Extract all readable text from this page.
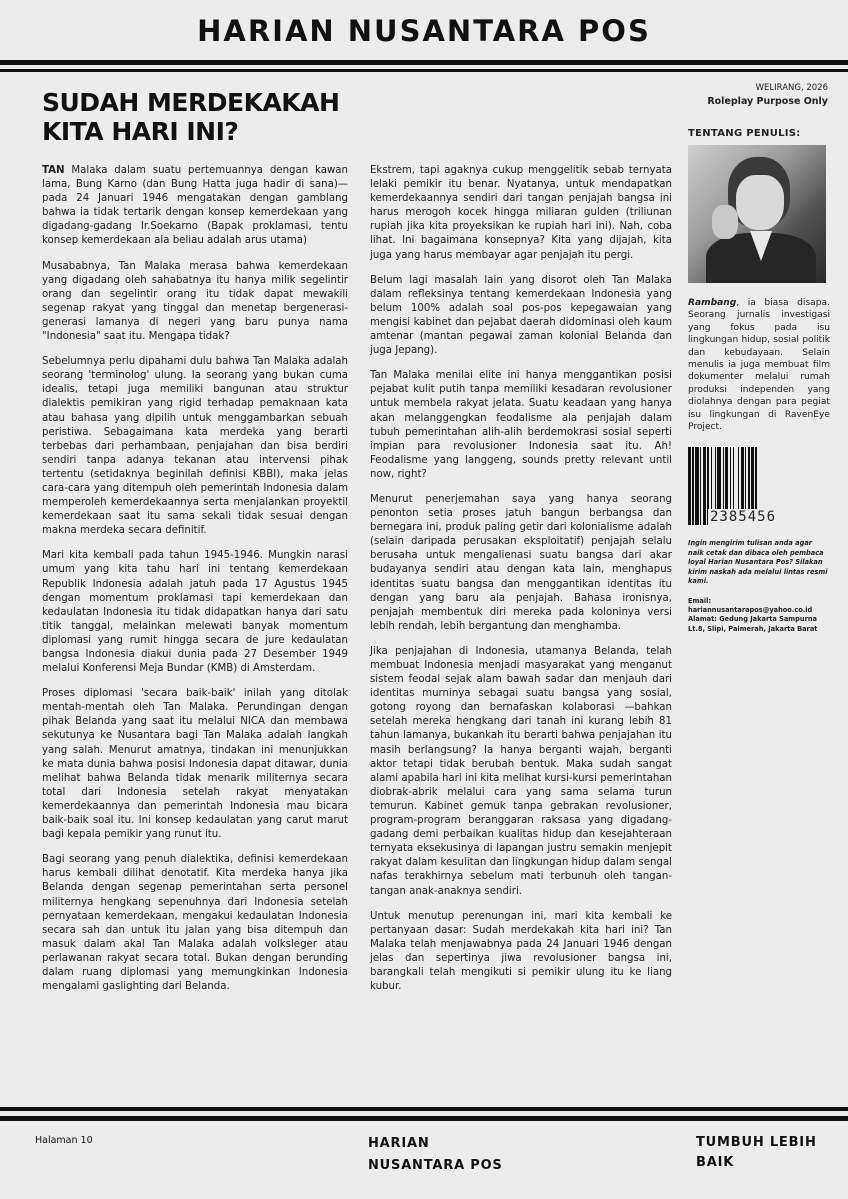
HARIAN NUSANTARA POS
SUDAH MERDEKAKAH
KITA HARI INI?
WELIRANG, 2026
Roleplay Purpose Only

TAN Malaka dalam suatu pertemuannya dengan kawan lama, Bung Karno (dan Bung Hatta juga hadir di sana)—pada 24 Januari 1946 mengatakan dengan gamblang bahwa ia tidak tertarik dengan konsep kemerdekaan yang digadang-gadang Ir.Soekarno (Bapak proklamasi, tentu konsep kemerdekaan ala beliau adalah arus utama)

Musababnya, Tan Malaka merasa bahwa kemerdekaan yang digadang oleh sahabatnya itu hanya milik segelintir orang dan segelintir orang itu tidak dapat mewakili segenap rakyat yang tinggal dan menetap bergenerasi-generasi lamanya di negeri yang baru punya nama "Indonesia" saat itu. Mengapa tidak?

Sebelumnya perlu dipahami dulu bahwa Tan Malaka adalah seorang 'terminolog' ulung. Ia seorang yang bukan cuma idealis, tetapi juga memiliki bangunan atau struktur dialektis pemikiran yang rigid terhadap pemaknaan kata atau bahasa yang dipilih untuk menggambarkan sebuah peristiwa. Sebagaimana kata merdeka yang berarti terbebas dari perhambaan, penjajahan dan bisa berdiri sendiri tanpa adanya tekanan atau intervensi pihak tertentu (setidaknya beginilah definisi KBBI), maka jelas cara-cara yang ditempuh oleh pemerintah Indonesia dalam memperoleh kemerdekaannya serta menjalankan proyektil kemerdekaan saat itu sama sekali tidak sesuai dengan makna merdeka secara definitif.

Mari kita kembali pada tahun 1945-1946. Mungkin narasi umum yang kita tahu hari ini tentang kemerdekaan Republik Indonesia adalah jatuh pada 17 Agustus 1945 dengan momentum proklamasi tapi kemerdekaan dan kedaulatan Indonesia itu tidak didapatkan hanya dari satu titik tanggal, melainkan melewati banyak momentum diplomasi yang rumit hingga secara de jure kedaulatan bangsa Indonesia diakui dunia pada 27 Desember 1949 melalui Konferensi Meja Bundar (KMB) di Amsterdam.

Proses diplomasi 'secara baik-baik' inilah yang ditolak mentah-mentah oleh Tan Malaka. Perundingan dengan pihak Belanda yang saat itu melalui NICA dan membawa sekutunya ke Nusantara bagi Tan Malaka adalah langkah yang salah. Menurut amatnya, tindakan ini menunjukkan ke mata dunia bahwa posisi Indonesia dapat ditawar, dunia melihat bahwa Belanda tidak menarik militernya secara total dari Indonesia setelah rakyat menyatakan kemerdekaannya dan pemerintah Indonesia mau bicara baik-baik soal itu. Ini konsep kedaulatan yang carut marut bagi kepala pemikir yang runut itu.

Bagi seorang yang penuh dialektika, definisi kemerdekaan harus kembali dilihat denotatif. Kita merdeka hanya jika Belanda dengan segenap pemerintahan serta personel militernya hengkang sepenuhnya dari Indonesia setelah pernyataan kemerdekaan, mengakui kedaulatan Indonesia secara sah dan untuk itu jalan yang bisa ditempuh dan masuk dalam akal Tan Malaka adalah volksleger atau perlawanan rakyat secara total. Bukan dengan berunding dalam ruang diplomasi yang memungkinkan Indonesia mengalami gaslighting dari Belanda.

Ekstrem, tapi agaknya cukup menggelitik sebab ternyata lelaki pemikir itu benar. Nyatanya, untuk mendapatkan kemerdekaannya sendiri dari tangan penjajah bangsa ini harus merogoh kocek hingga miliaran gulden (triliunan rupiah jika kita proyeksikan ke rupiah hari ini). Nah, coba lihat. Ini bagaimana konsepnya? Kita yang dijajah, kita juga yang harus membayar agar penjajah itu pergi.

Belum lagi masalah lain yang disorot oleh Tan Malaka dalam refleksinya tentang kemerdekaan Indonesia yang belum 100% adalah soal pos-pos kepegawaian yang mengisi kabinet dan pejabat daerah didominasi oleh kaum amtenar (mantan pegawai zaman kolonial Belanda dan juga Jepang).

Tan Malaka menilai elite ini hanya menggantikan posisi pejabat kulit putih tanpa memiliki kesadaran revolusioner untuk membela rakyat jelata. Suatu keadaan yang hanya akan melanggengkan feodalisme ala penjajah dalam tubuh pemerintahan alih-alih berdemokrasi sosial seperti impian para revolusioner Indonesia saat itu. Ah! Feodalisme yang langgeng, sounds pretty relevant until now, right?

Menurut penerjemahan saya yang hanya seorang penonton setia proses jatuh bangun berbangsa dan bernegara ini, produk paling getir dari kolonialisme adalah (selain daripada perusakan eksploitatif) penjajah selalu berusaha untuk mengalienasi suatu bangsa dari akar budayanya sendiri atau dengan kata lain, menghapus identitas suatu bangsa dan menggantikan identitas itu dengan yang baru ala penjajah. Bahasa ironisnya, penjajah membentuk diri mereka pada koloninya versi lebih rendah, lebih bergantung dan menghamba.

Jika penjajahan di Indonesia, utamanya Belanda, telah membuat Indonesia menjadi masyarakat yang menganut sistem feodal sejak alam bawah sadar dan menjauh dari identitas murninya sebagai suatu bangsa yang sosial, gotong royong dan bernafaskan kolaborasi —bahkan setelah mereka hengkang dari tanah ini kurang lebih 81 tahun lamanya, bukankah itu berarti bahwa penjajahan itu masih berlangsung? Ia hanya berganti wajah, berganti aktor tetapi tidak berubah bentuk. Maka sudah sangat alami apabila hari ini kita melihat kursi-kursi pemerintahan diobrak-abrik melalui cara yang sama selama turun temurun. Kabinet gemuk tanpa gebrakan revolusioner, program-program beranggaran raksasa yang digadang-gadang demi perbaikan kualitas hidup dan kesejahteraan ternyata eksekusinya di lapangan justru semakin menjepit rakyat dalam kesulitan dan lingkungan hidup dalam sengal nafas terakhirnya sebelum mati terbunuh oleh tangan-tangan anak-anaknya sendiri.

Untuk menutup perenungan ini, mari kita kembali ke pertanyaan dasar: Sudah merdekakah kita hari ini? Tan Malaka telah menjawabnya pada 24 Januari 1946 dengan jelas dan sepertinya jiwa revolusioner bangsa ini, barangkali telah mengikuti si pemikir ulung itu ke liang kubur.

TENTANG PENULIS:
Rambang, ia biasa disapa. Seorang jurnalis investigasi yang fokus pada isu lingkungan hidup, sosial politik dan kebudayaan. Selain menulis ia juga membuat film dokumenter melalui rumah produksi independen yang diolahnya dengan para pegiat isu lingkungan di RavenEye Project.
2385456
Ingin mengirim tulisan anda agar naik cetak dan dibaca oleh pembaca loyal Harian Nusantara Pos? Silakan kirim naskah ada melalui lintas resmi kami.
Email:
hariannusantarapos@yahoo.co.id
Alamat: Gedung Jakarta Sampurna Lt.8, Slipi, Palmerah, Jakarta Barat
Halaman 10	HARIAN
NUSANTARA POS
TUMBUH LEBIH
BAIK
